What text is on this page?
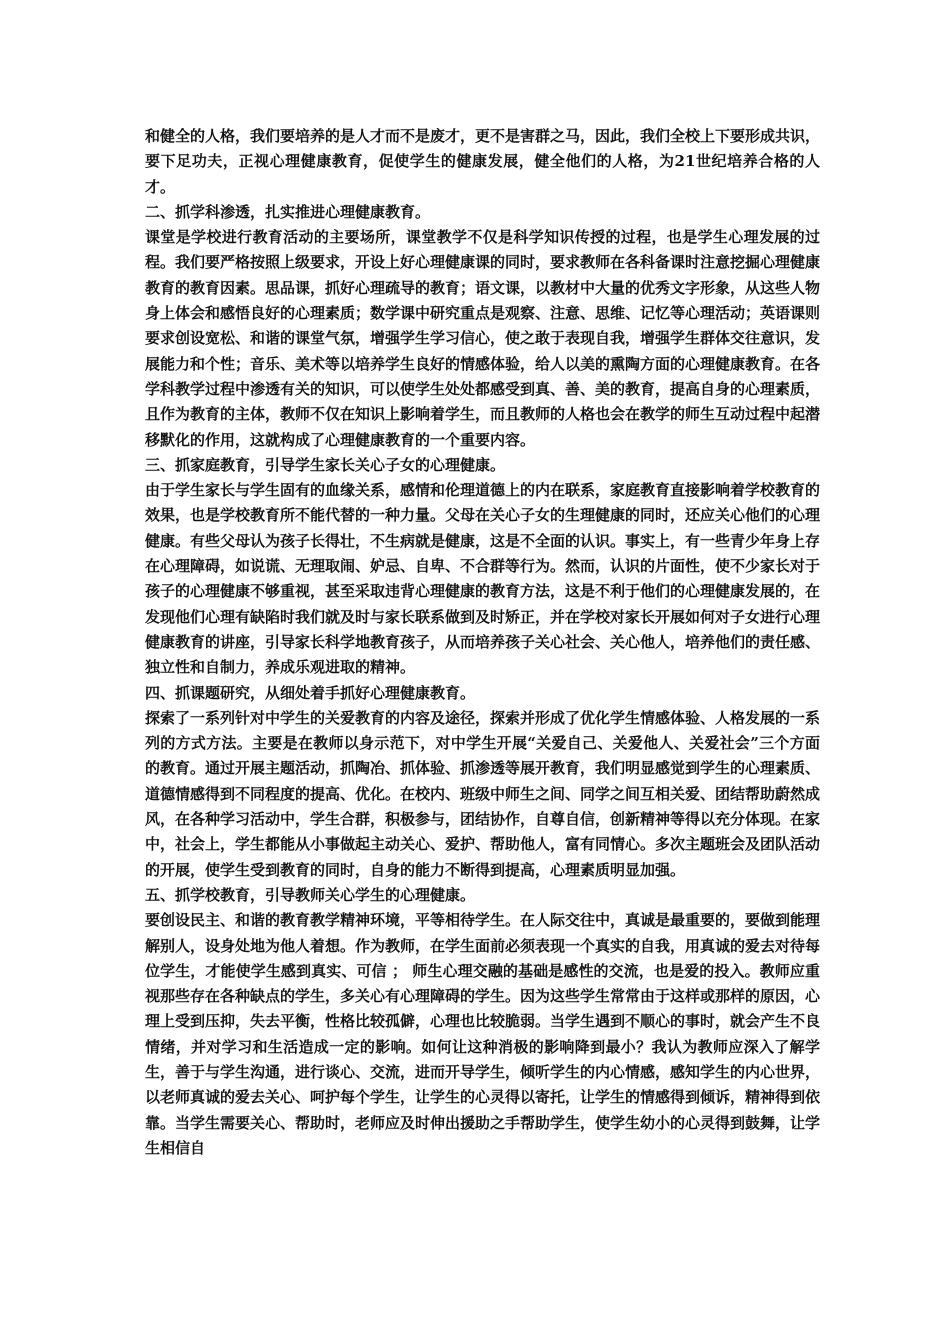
和健全的人格，我们要培养的是人才而不是废才，更不是害群之马，因此，我们全校上下要形成共识，要下足功夫，正视心理健康教育，促使学生的健康发展，健全他们的人格，为21世纪培养合格的人才。

二、抓学科渗透，扎实推进心理健康教育。

课堂是学校进行教育活动的主要场所，课堂教学不仅是科学知识传授的过程，也是学生心理发展的过程。我们要严格按照上级要求，开设上好心理健康课的同时，要求教师在各科备课时注意挖掘心理健康教育的教育因素。思品课，抓好心理疏导的教育；语文课，以教材中大量的优秀文字形象，从这些人物身上体会和感悟良好的心理素质；数学课中研究重点是观察、注意、思维、记忆等心理活动；英语课则要求创设宽松、和谐的课堂气氛，增强学生学习信心，使之敢于表现自我，增强学生群体交往意识，发展能力和个性；音乐、美术等以培养学生良好的情感体验，给人以美的熏陶方面的心理健康教育。在各学科教学过程中渗透有关的知识，可以使学生处处都感受到真、善、美的教育，提高自身的心理素质，且作为教育的主体，教师不仅在知识上影响着学生，而且教师的人格也会在教学的师生互动过程中起潜移默化的作用，这就构成了心理健康教育的一个重要内容。

三、抓家庭教育，引导学生家长关心子女的心理健康。

由于学生家长与学生固有的血缘关系，感情和伦理道德上的内在联系，家庭教育直接影响着学校教育的效果，也是学校教育所不能代替的一种力量。父母在关心子女的生理健康的同时，还应关心他们的心理健康。有些父母认为孩子长得壮，不生病就是健康，这是不全面的认识。事实上，有一些青少年身上存在心理障碍，如说谎、无理取闹、妒忌、自卑、不合群等行为。然而，认识的片面性，使不少家长对于孩子的心理健康不够重视，甚至采取违背心理健康的教育方法，这是不利于他们的心理健康发展的，在发现他们心理有缺陷时我们就及时与家长联系做到及时矫正，并在学校对家长开展如何对子女进行心理健康教育的讲座，引导家长科学地教育孩子，从而培养孩子关心社会、关心他人，培养他们的责任感、独立性和自制力，养成乐观进取的精神。

四、抓课题研究，从细处着手抓好心理健康教育。

探索了一系列针对中学生的关爱教育的内容及途径，探索并形成了优化学生情感体验、人格发展的一系列的方式方法。主要是在教师以身示范下，对中学生开展“关爱自己、关爱他人、关爱社会”三个方面的教育。通过开展主题活动，抓陶冶、抓体验、抓渗透等展开教育，我们明显感觉到学生的心理素质、道德情感得到不同程度的提高、优化。在校内、班级中师生之间、同学之间互相关爱、团结帮助蔚然成风，在各种学习活动中，学生合群，积极参与，团结协作，自尊自信，创新精神等得以充分体现。在家中，社会上，学生都能从小事做起主动关心、爱护、帮助他人，富有同情心。多次主题班会及团队活动的开展，使学生受到教育的同时，自身的能力不断得到提高，心理素质明显加强。

五、抓学校教育，引导教师关心学生的心理健康。

要创设民主、和谐的教育教学精神环境，平等相待学生。在人际交往中，真诚是最重要的，要做到能理解别人，设身处地为他人着想。作为教师，在学生面前必须表现一个真实的自我，用真诚的爱去对待每位学生，才能使学生感到真实、可信 ； 师生心理交融的基础是感性的交流，也是爱的投入。教师应重视那些存在各种缺点的学生，多关心有心理障碍的学生。因为这些学生常常由于这样或那样的原因，心理上受到压抑，失去平衡，性格比较孤僻，心理也比较脆弱。当学生遇到不顺心的事时，就会产生不良情绪，并对学习和生活造成一定的影响。如何让这种消极的影响降到最小？我认为教师应深入了解学生，善于与学生沟通，进行谈心、交流，进而开导学生，倾听学生的内心情感，感知学生的内心世界，以老师真诚的爱去关心、呵护每个学生，让学生的心灵得以寄托，让学生的情感得到倾诉，精神得到依靠。当学生需要关心、帮助时，老师应及时伸出援助之手帮助学生，使学生幼小的心灵得到鼓舞，让学生相信自
